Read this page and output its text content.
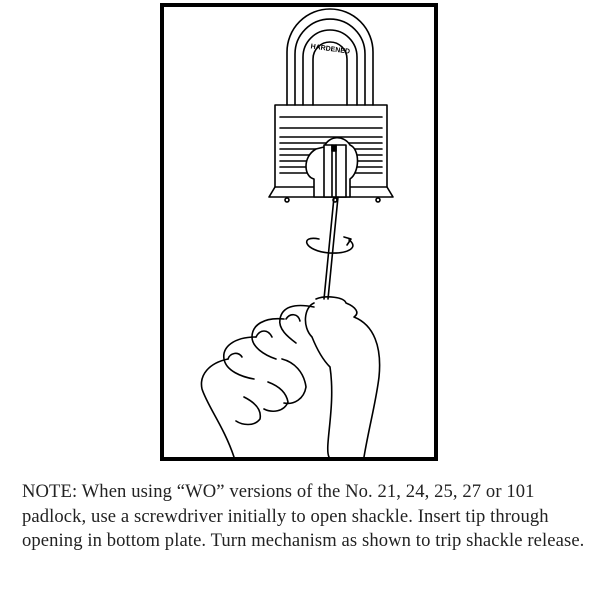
HARDENED
NOTE: When using “WO” versions of the No. 21, 24, 25, 27 or 101 padlock, use a screwdriver initially to open shackle. Insert tip through opening in bottom plate. Turn mechanism as shown to trip shackle release.
